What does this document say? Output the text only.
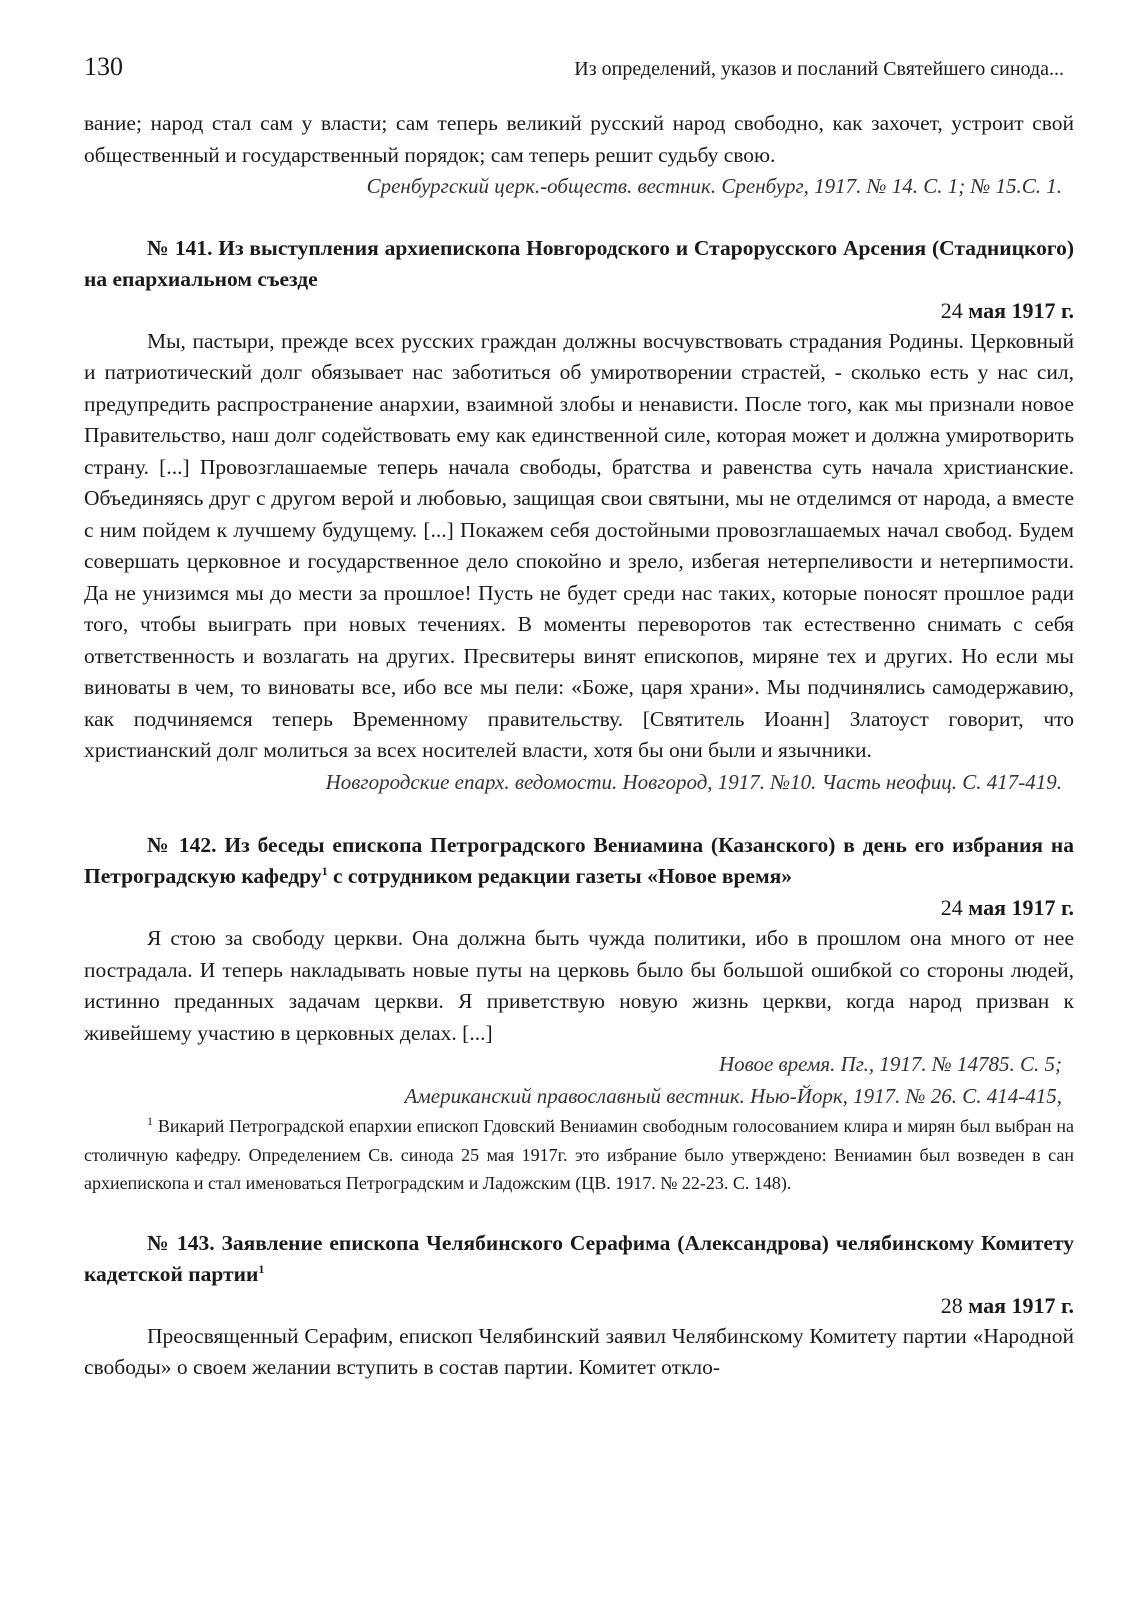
130	Из определений, указов и посланий Святейшего синода...

вание; народ стал сам у власти; сам теперь великий русский народ свободно, как захочет, устроит свой общественный и государственный порядок; сам теперь решит судьбу свою.

Сренбургский церк.-обществ. вестник. Сренбург, 1917. № 14. С. 1; № 15.С. 1.

№ 141. Из выступления архиепископа Новгородского и Старорусского Арсения (Стадницкого) на епархиальном съезде

24 мая 1917 г.

Мы, пастыри, прежде всех русских граждан должны восчувствовать страдания Родины. Церковный и патриотический долг обязывает нас заботиться об умиротворении страстей, - сколько есть у нас сил, предупредить распространение анархии, взаимной злобы и ненависти. После того, как мы признали новое Правительство, наш долг содействовать ему как единственной силе, которая может и должна умиротворить страну. [...] Провозглашаемые теперь начала свободы, братства и равенства суть начала христианские. Объединяясь друг с другом верой и любовью, защищая свои святыни, мы не отделимся от народа, а вместе с ним пойдем к лучшему будущему. [...] Покажем себя достойными провозглашаемых начал свобод. Будем совершать церковное и государственное дело спокойно и зрело, избегая нетерпеливости и нетерпимости. Да не унизимся мы до мести за прошлое! Пусть не будет среди нас таких, которые поносят прошлое ради того, чтобы выиграть при новых течениях. В моменты переворотов так естественно снимать с себя ответственность и возлагать на других. Пресвитеры винят епископов, миряне тех и других. Но если мы виноваты в чем, то виноваты все, ибо все мы пели: «Боже, царя храни». Мы подчинялись самодержавию, как подчиняемся теперь Временному правительству. [Святитель Иоанн] Златоуст говорит, что христианский долг молиться за всех носителей власти, хотя бы они были и язычники.

Новгородские епарх. ведомости. Новгород, 1917. №10. Часть неофиц. С. 417-419.

№ 142. Из беседы епископа Петроградского Вениамина (Казанского) в день его избрания на Петроградскую кафедру$^1$ с сотрудником редакции газеты «Новое время»

24 мая 1917 г.

Я стою за свободу церкви. Она должна быть чужда политики, ибо в прошлом она много от нее пострадала. И теперь накладывать новые путы на церковь было бы большой ошибкой со стороны людей, истинно преданных задачам церкви. Я приветствую новую жизнь церкви, когда народ призван к живейшему участию в церковных делах. [...]

Новое время. Пг., 1917. № 14785. С. 5;

Американский православный вестник. Нью-Йорк, 1917. № 26. С. 414-415,

$^1$ Викарий Петроградской епархии епископ Гдовский Вениамин свободным голосованием клира и мирян был выбран на столичную кафедру. Определением Св. синода 25 мая 1917г. это избрание было утверждено: Вениамин был возведен в сан архиепископа и стал именоваться Петроградским и Ладожским (ЦВ. 1917. № 22-23. С. 148).

№ 143. Заявление епископа Челябинского Серафима (Александрова) челябинскому Комитету кадетской партии$^1$

28 мая 1917 г.

Преосвященный Серафим, епископ Челябинский заявил Челябинскому Комитету партии «Народной свободы» о своем желании вступить в состав партии. Комитет откло-
